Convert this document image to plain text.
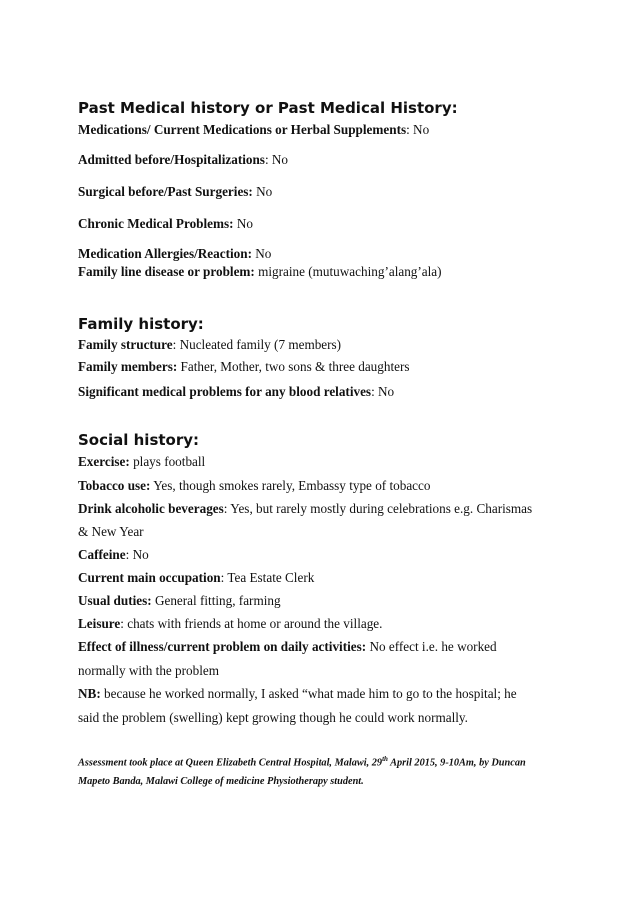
Past Medical history or Past Medical History:
Medications/ Current Medications or Herbal Supplements: No
Admitted before/Hospitalizations: No
Surgical before/Past Surgeries: No
Chronic Medical Problems: No
Medication Allergies/Reaction: No
Family line disease or problem: migraine (mutuwaching’alang’ala)
Family history:
Family structure: Nucleated family (7 members)
Family members: Father, Mother, two sons & three daughters
Significant medical problems for any blood relatives: No
Social history:
Exercise: plays football
Tobacco use: Yes, though smokes rarely, Embassy type of tobacco
Drink alcoholic beverages: Yes, but rarely mostly during celebrations e.g. Charismas
& New Year
Caffeine: No
Current main occupation: Tea Estate Clerk
Usual duties: General fitting, farming
Leisure: chats with friends at home or around the village.
Effect of illness/current problem on daily activities: No effect i.e. he worked
normally with the problem
NB: because he worked normally, I asked “what made him to go to the hospital; he
said the problem (swelling) kept growing though he could work normally.
Assessment took place at Queen Elizabeth Central Hospital, Malawi, 29th April 2015, 9-10Am, by Duncan
Mapeto Banda, Malawi College of medicine Physiotherapy student.
